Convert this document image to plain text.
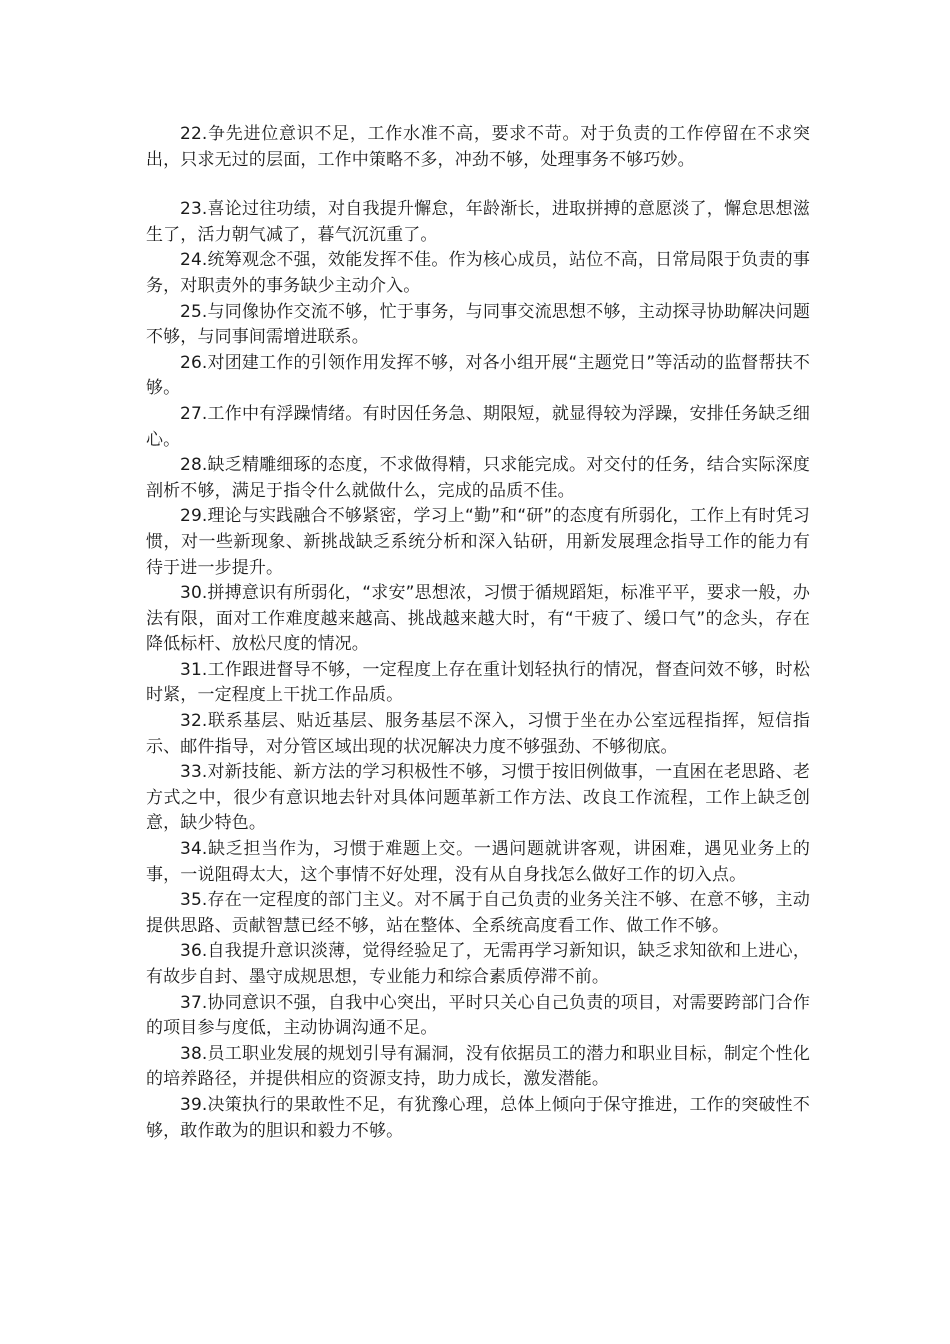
22.争先进位意识不足，工作水准不高，要求不苛。对于负责的工作停留在不求突出，只求无过的层面，工作中策略不多，冲劲不够，处理事务不够巧妙。

23.喜论过往功绩，对自我提升懈怠，年龄渐长，进取拼搏的意愿淡了，懈怠思想滋生了，活力朝气减了，暮气沉沉重了。

24.统筹观念不强，效能发挥不佳。作为核心成员，站位不高，日常局限于负责的事务，对职责外的事务缺少主动介入。

25.与同像协作交流不够，忙于事务，与同事交流思想不够，主动探寻协助解决问题不够，与同事间需增进联系。

26.对团建工作的引领作用发挥不够，对各小组开展“主题党日”等活动的监督帮扶不够。

27.工作中有浮躁情绪。有时因任务急、期限短，就显得较为浮躁，安排任务缺乏细心。

28.缺乏精雕细琢的态度，不求做得精，只求能完成。对交付的任务，结合实际深度剖析不够，满足于指令什么就做什么，完成的品质不佳。

29.理论与实践融合不够紧密，学习上“勤”和“研”的态度有所弱化，工作上有时凭习惯，对一些新现象、新挑战缺乏系统分析和深入钻研，用新发展理念指导工作的能力有待于进一步提升。

30.拼搏意识有所弱化，“求安”思想浓，习惯于循规蹈矩，标准平平，要求一般，办法有限，面对工作难度越来越高、挑战越来越大时，有“干疲了、缓口气”的念头，存在降低标杆、放松尺度的情况。

31.工作跟进督导不够，一定程度上存在重计划轻执行的情况，督查问效不够，时松时紧，一定程度上干扰工作品质。

32.联系基层、贴近基层、服务基层不深入，习惯于坐在办公室远程指挥，短信指示、邮件指导，对分管区域出现的状况解决力度不够强劲、不够彻底。

33.对新技能、新方法的学习积极性不够，习惯于按旧例做事，一直困在老思路、老方式之中，很少有意识地去针对具体问题革新工作方法、改良工作流程，工作上缺乏创意，缺少特色。

34.缺乏担当作为，习惯于难题上交。一遇问题就讲客观，讲困难，遇见业务上的事，一说阻碍太大，这个事情不好处理，没有从自身找怎么做好工作的切入点。

35.存在一定程度的部门主义。对不属于自己负责的业务关注不够、在意不够，主动提供思路、贡献智慧已经不够，站在整体、全系统高度看工作、做工作不够。

36.自我提升意识淡薄，觉得经验足了，无需再学习新知识，缺乏求知欲和上进心，有故步自封、墨守成规思想，专业能力和综合素质停滞不前。

37.协同意识不强，自我中心突出，平时只关心自己负责的项目，对需要跨部门合作的项目参与度低，主动协调沟通不足。

38.员工职业发展的规划引导有漏洞，没有依据员工的潜力和职业目标，制定个性化的培养路径，并提供相应的资源支持，助力成长，激发潜能。

39.决策执行的果敢性不足，有犹豫心理，总体上倾向于保守推进，工作的突破性不够，敢作敢为的胆识和毅力不够。
